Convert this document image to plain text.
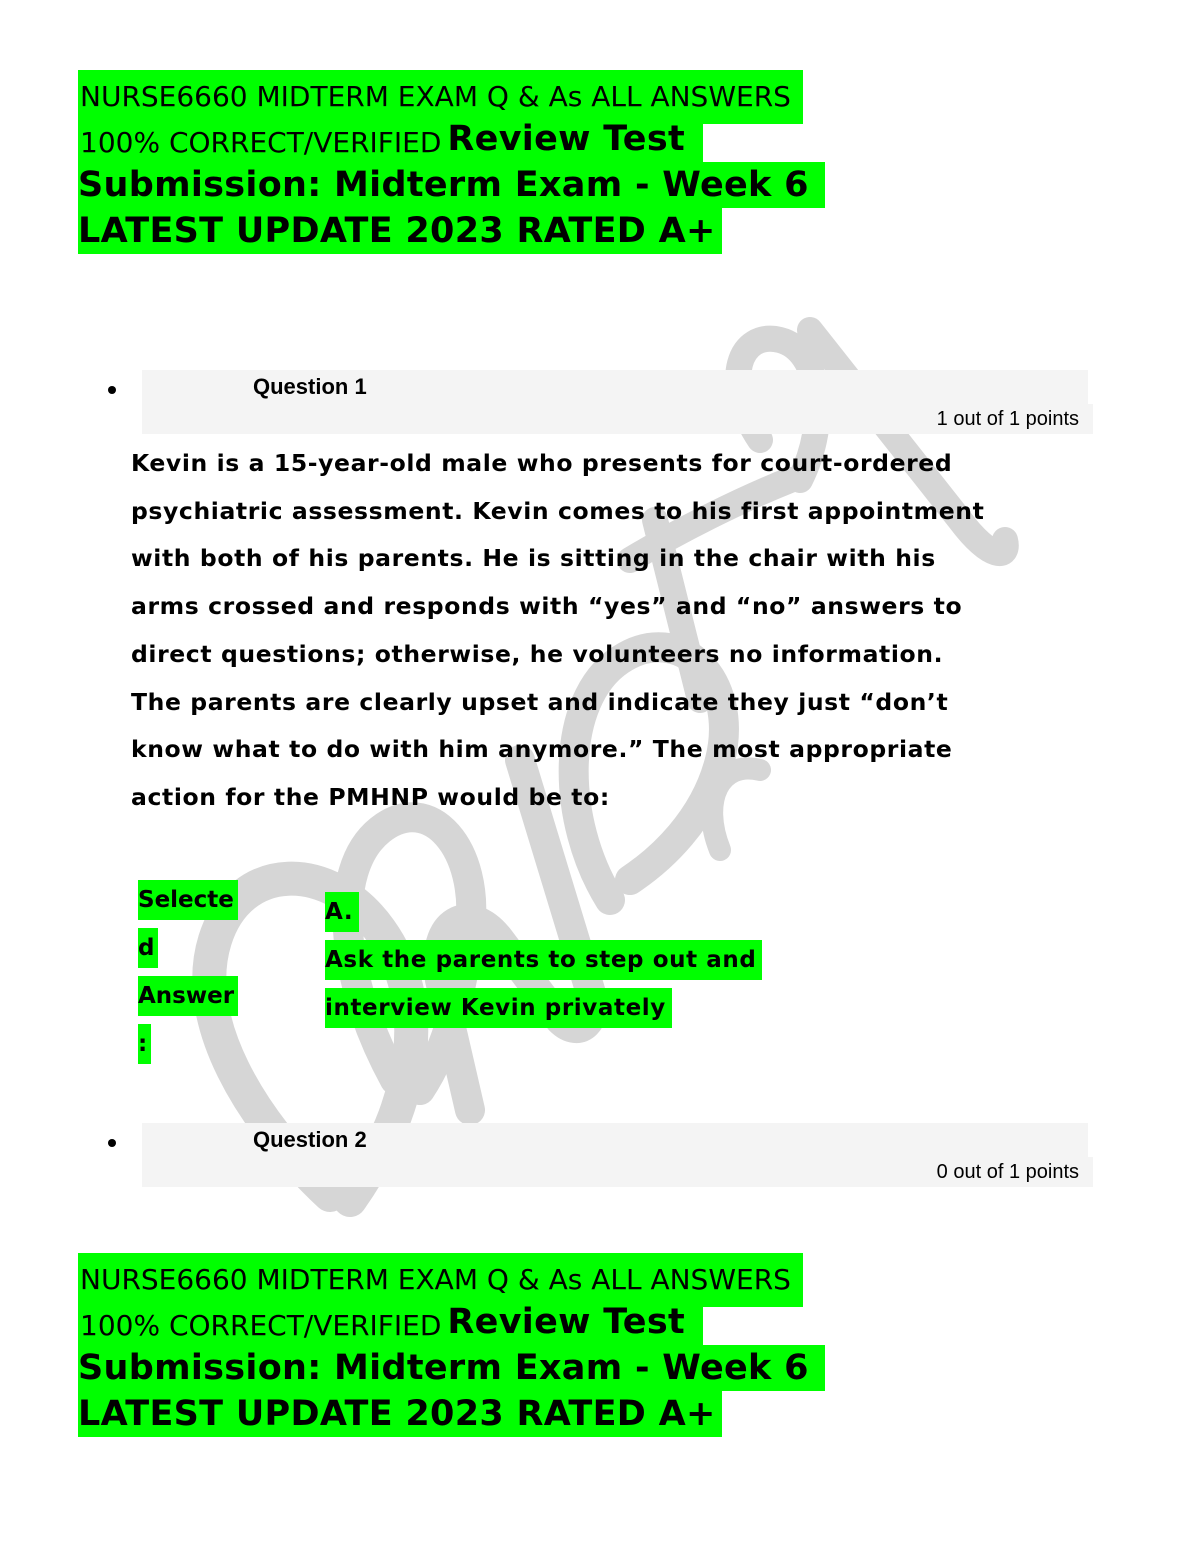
NURSE6660 MIDTERM EXAM Q & As ALL ANSWERS
100% CORRECT/VERIFIED Review Test
Submission: Midterm Exam - Week 6
LATEST UPDATE 2023 RATED A+
Question 1
1 out of 1 points
Kevin is a 15-year-old male who presents for court-ordered
psychiatric assessment. Kevin comes to his first appointment
with both of his parents. He is sitting in the chair with his
arms crossed and responds with “yes” and “no” answers to
direct questions; otherwise, he volunteers no information.
The parents are clearly upset and indicate they just “don’t
know what to do with him anymore.” The most appropriate
action for the PMHNP would be to:
Selecte
d
Answer
:
A.
Ask the parents to step out and
interview Kevin privately
Question 2
0 out of 1 points
NURSE6660 MIDTERM EXAM Q & As ALL ANSWERS
100% CORRECT/VERIFIED Review Test
Submission: Midterm Exam - Week 6
LATEST UPDATE 2023 RATED A+
